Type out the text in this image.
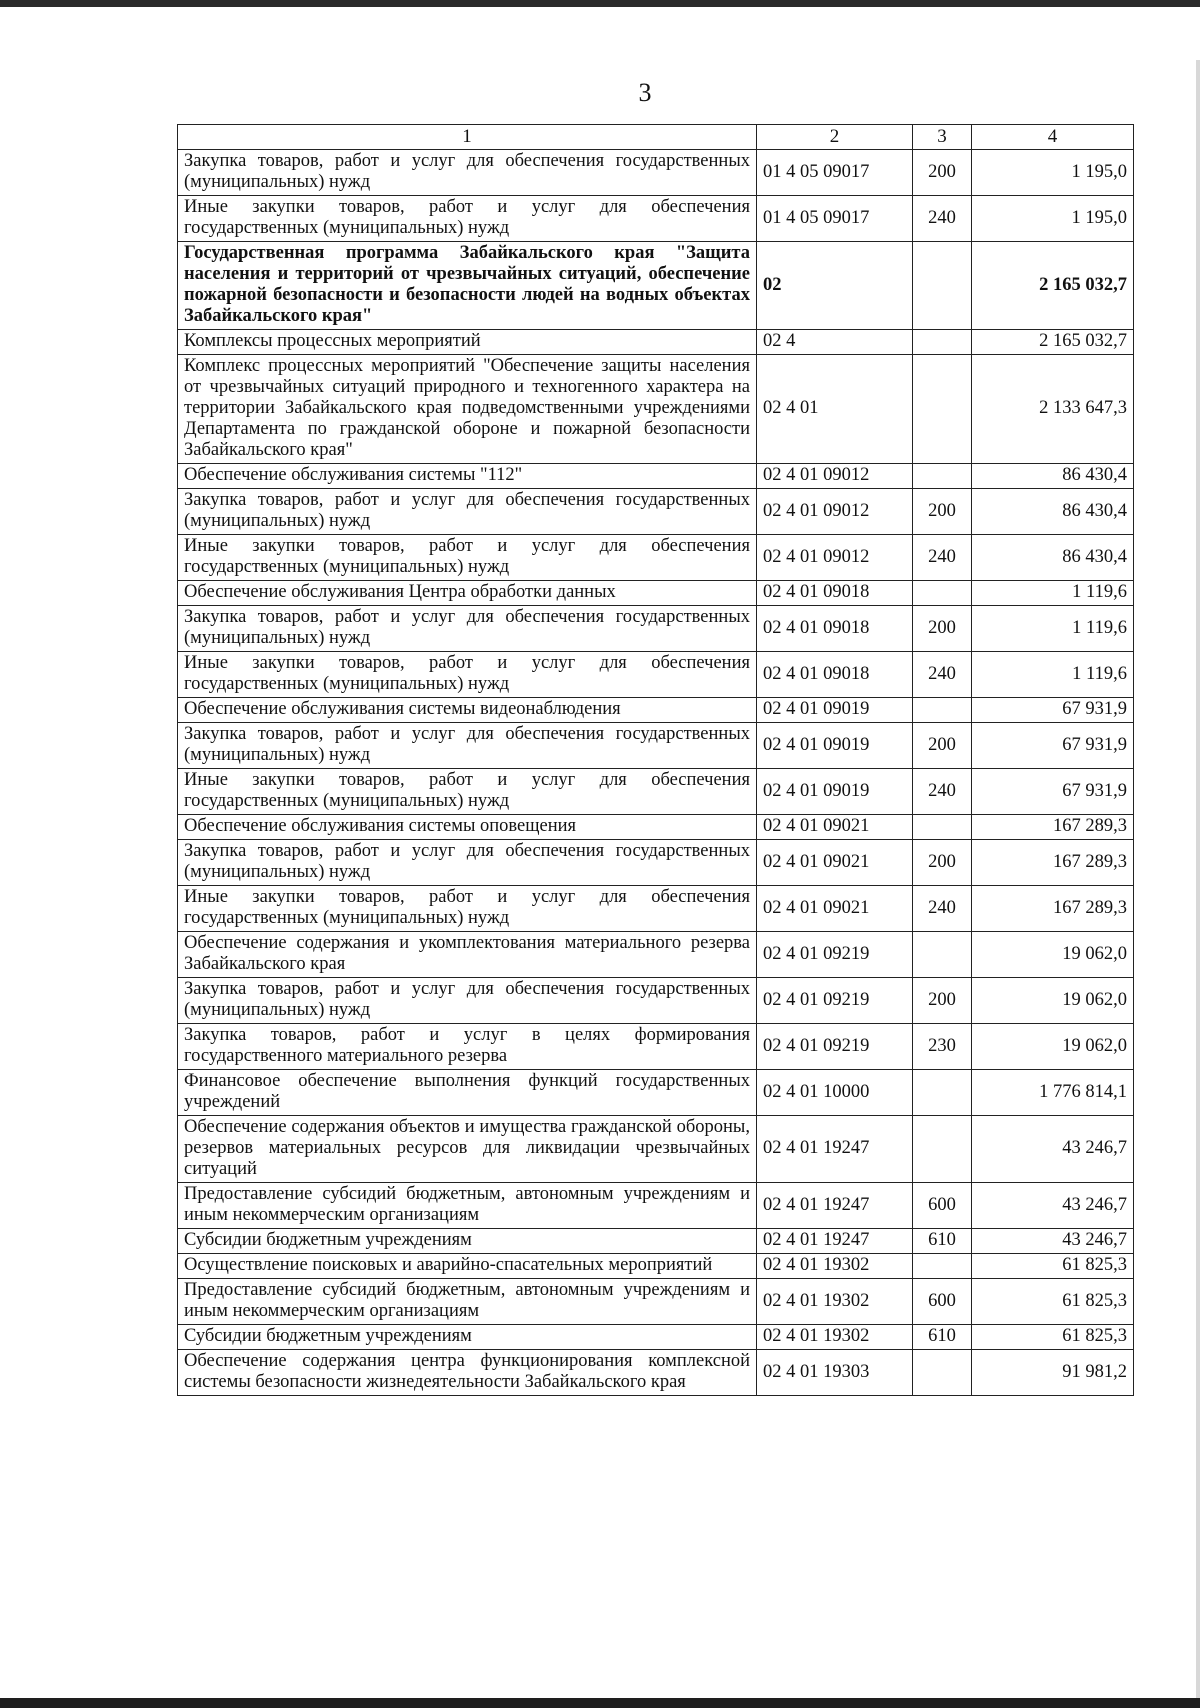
3
1	2	3	4
Закупка товаров, работ и услуг для обеспечения государственных (муниципальных) нужд	01 4 05 09017	200	1 195,0
Иные закупки товаров, работ и услуг для обеспечения государственных (муниципальных) нужд	01 4 05 09017	240	1 195,0
Государственная программа Забайкальского края "Защита населения и территорий от чрезвычайных ситуаций, обеспечение пожарной безопасности и безопасности людей на водных объектах Забайкальского края"	02		2 165 032,7
Комплексы процессных мероприятий	02 4		2 165 032,7
Комплекс процессных мероприятий "Обеспечение защиты населения от чрезвычайных ситуаций природного и техногенного характера на территории Забайкальского края подведомственными учреждениями Департамента по гражданской обороне и пожарной безопасности Забайкальского края"	02 4 01		2 133 647,3
Обеспечение обслуживания системы "112"	02 4 01 09012		86 430,4
Закупка товаров, работ и услуг для обеспечения государственных (муниципальных) нужд	02 4 01 09012	200	86 430,4
Иные закупки товаров, работ и услуг для обеспечения государственных (муниципальных) нужд	02 4 01 09012	240	86 430,4
Обеспечение обслуживания Центра обработки данных	02 4 01 09018		1 119,6
Закупка товаров, работ и услуг для обеспечения государственных (муниципальных) нужд	02 4 01 09018	200	1 119,6
Иные закупки товаров, работ и услуг для обеспечения государственных (муниципальных) нужд	02 4 01 09018	240	1 119,6
Обеспечение обслуживания системы видеонаблюдения	02 4 01 09019		67 931,9
Закупка товаров, работ и услуг для обеспечения государственных (муниципальных) нужд	02 4 01 09019	200	67 931,9
Иные закупки товаров, работ и услуг для обеспечения государственных (муниципальных) нужд	02 4 01 09019	240	67 931,9
Обеспечение обслуживания системы оповещения	02 4 01 09021		167 289,3
Закупка товаров, работ и услуг для обеспечения государственных (муниципальных) нужд	02 4 01 09021	200	167 289,3
Иные закупки товаров, работ и услуг для обеспечения государственных (муниципальных) нужд	02 4 01 09021	240	167 289,3
Обеспечение содержания и укомплектования материального резерва Забайкальского края	02 4 01 09219		19 062,0
Закупка товаров, работ и услуг для обеспечения государственных (муниципальных) нужд	02 4 01 09219	200	19 062,0
Закупка товаров, работ и услуг в целях формирования государственного материального резерва	02 4 01 09219	230	19 062,0
Финансовое обеспечение выполнения функций государственных учреждений	02 4 01 10000		1 776 814,1
Обеспечение содержания объектов и имущества гражданской обороны, резервов материальных ресурсов для ликвидации чрезвычайных ситуаций	02 4 01 19247		43 246,7
Предоставление субсидий бюджетным, автономным учреждениям и иным некоммерческим организациям	02 4 01 19247	600	43 246,7
Субсидии бюджетным учреждениям	02 4 01 19247	610	43 246,7
Осуществление поисковых и аварийно-спасательных мероприятий	02 4 01 19302		61 825,3
Предоставление субсидий бюджетным, автономным учреждениям и иным некоммерческим организациям	02 4 01 19302	600	61 825,3
Субсидии бюджетным учреждениям	02 4 01 19302	610	61 825,3
Обеспечение содержания центра функционирования комплексной системы безопасности жизнедеятельности Забайкальского края	02 4 01 19303		91 981,2
